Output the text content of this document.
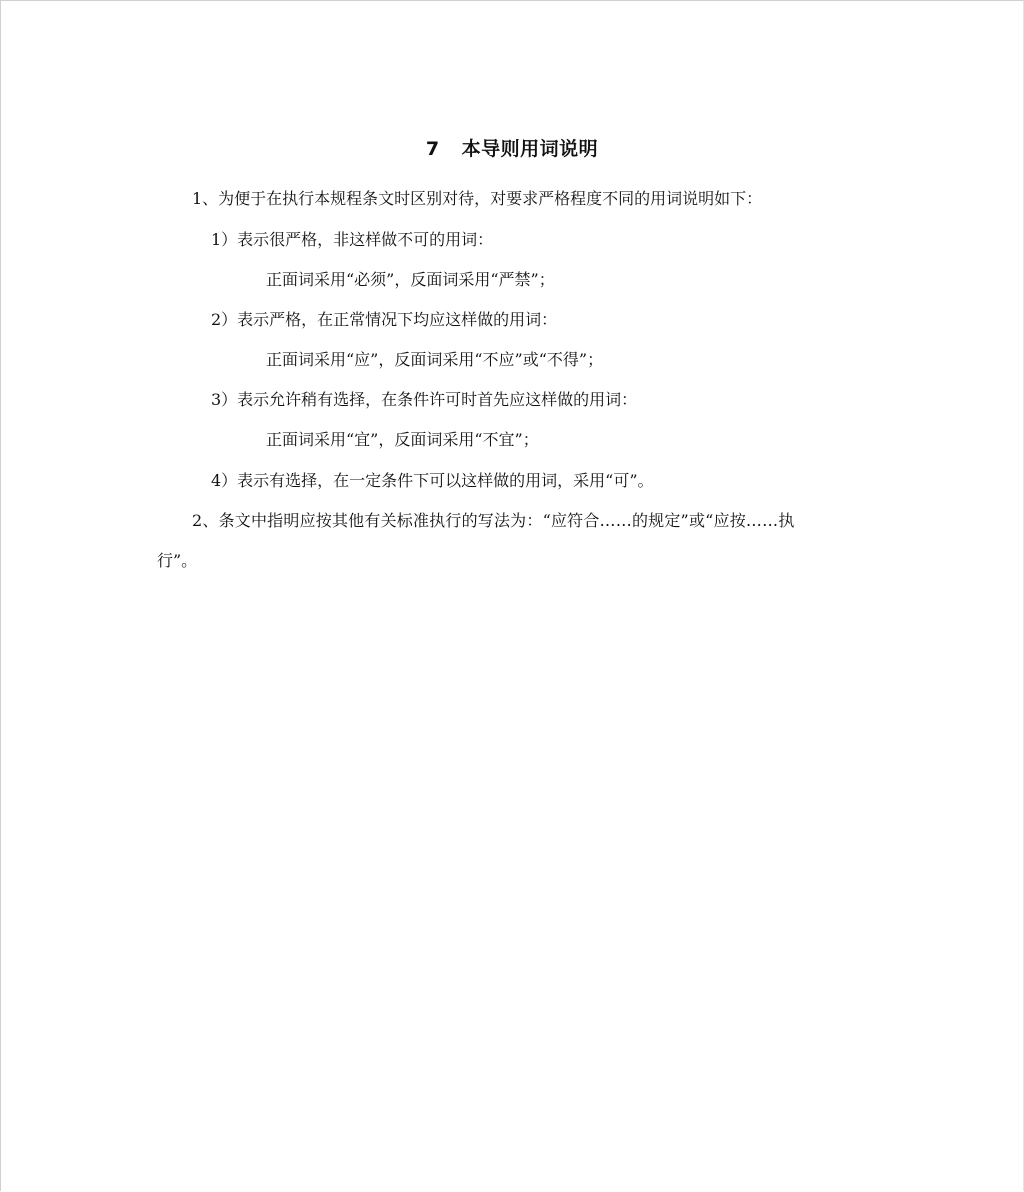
7 本导则用词说明
1、为便于在执行本规程条文时区别对待，对要求严格程度不同的用词说明如下：
1）表示很严格，非这样做不可的用词：
正面词采用“必须”，反面词采用“严禁”；
2）表示严格，在正常情况下均应这样做的用词：
正面词采用“应”，反面词采用“不应”或“不得”；
3）表示允许稍有选择，在条件许可时首先应这样做的用词：
正面词采用“宜”，反面词采用“不宜”；
4）表示有选择，在一定条件下可以这样做的用词，采用“可”。
2、条文中指明应按其他有关标准执行的写法为：“应符合……的规定”或“应按……执
行”。
